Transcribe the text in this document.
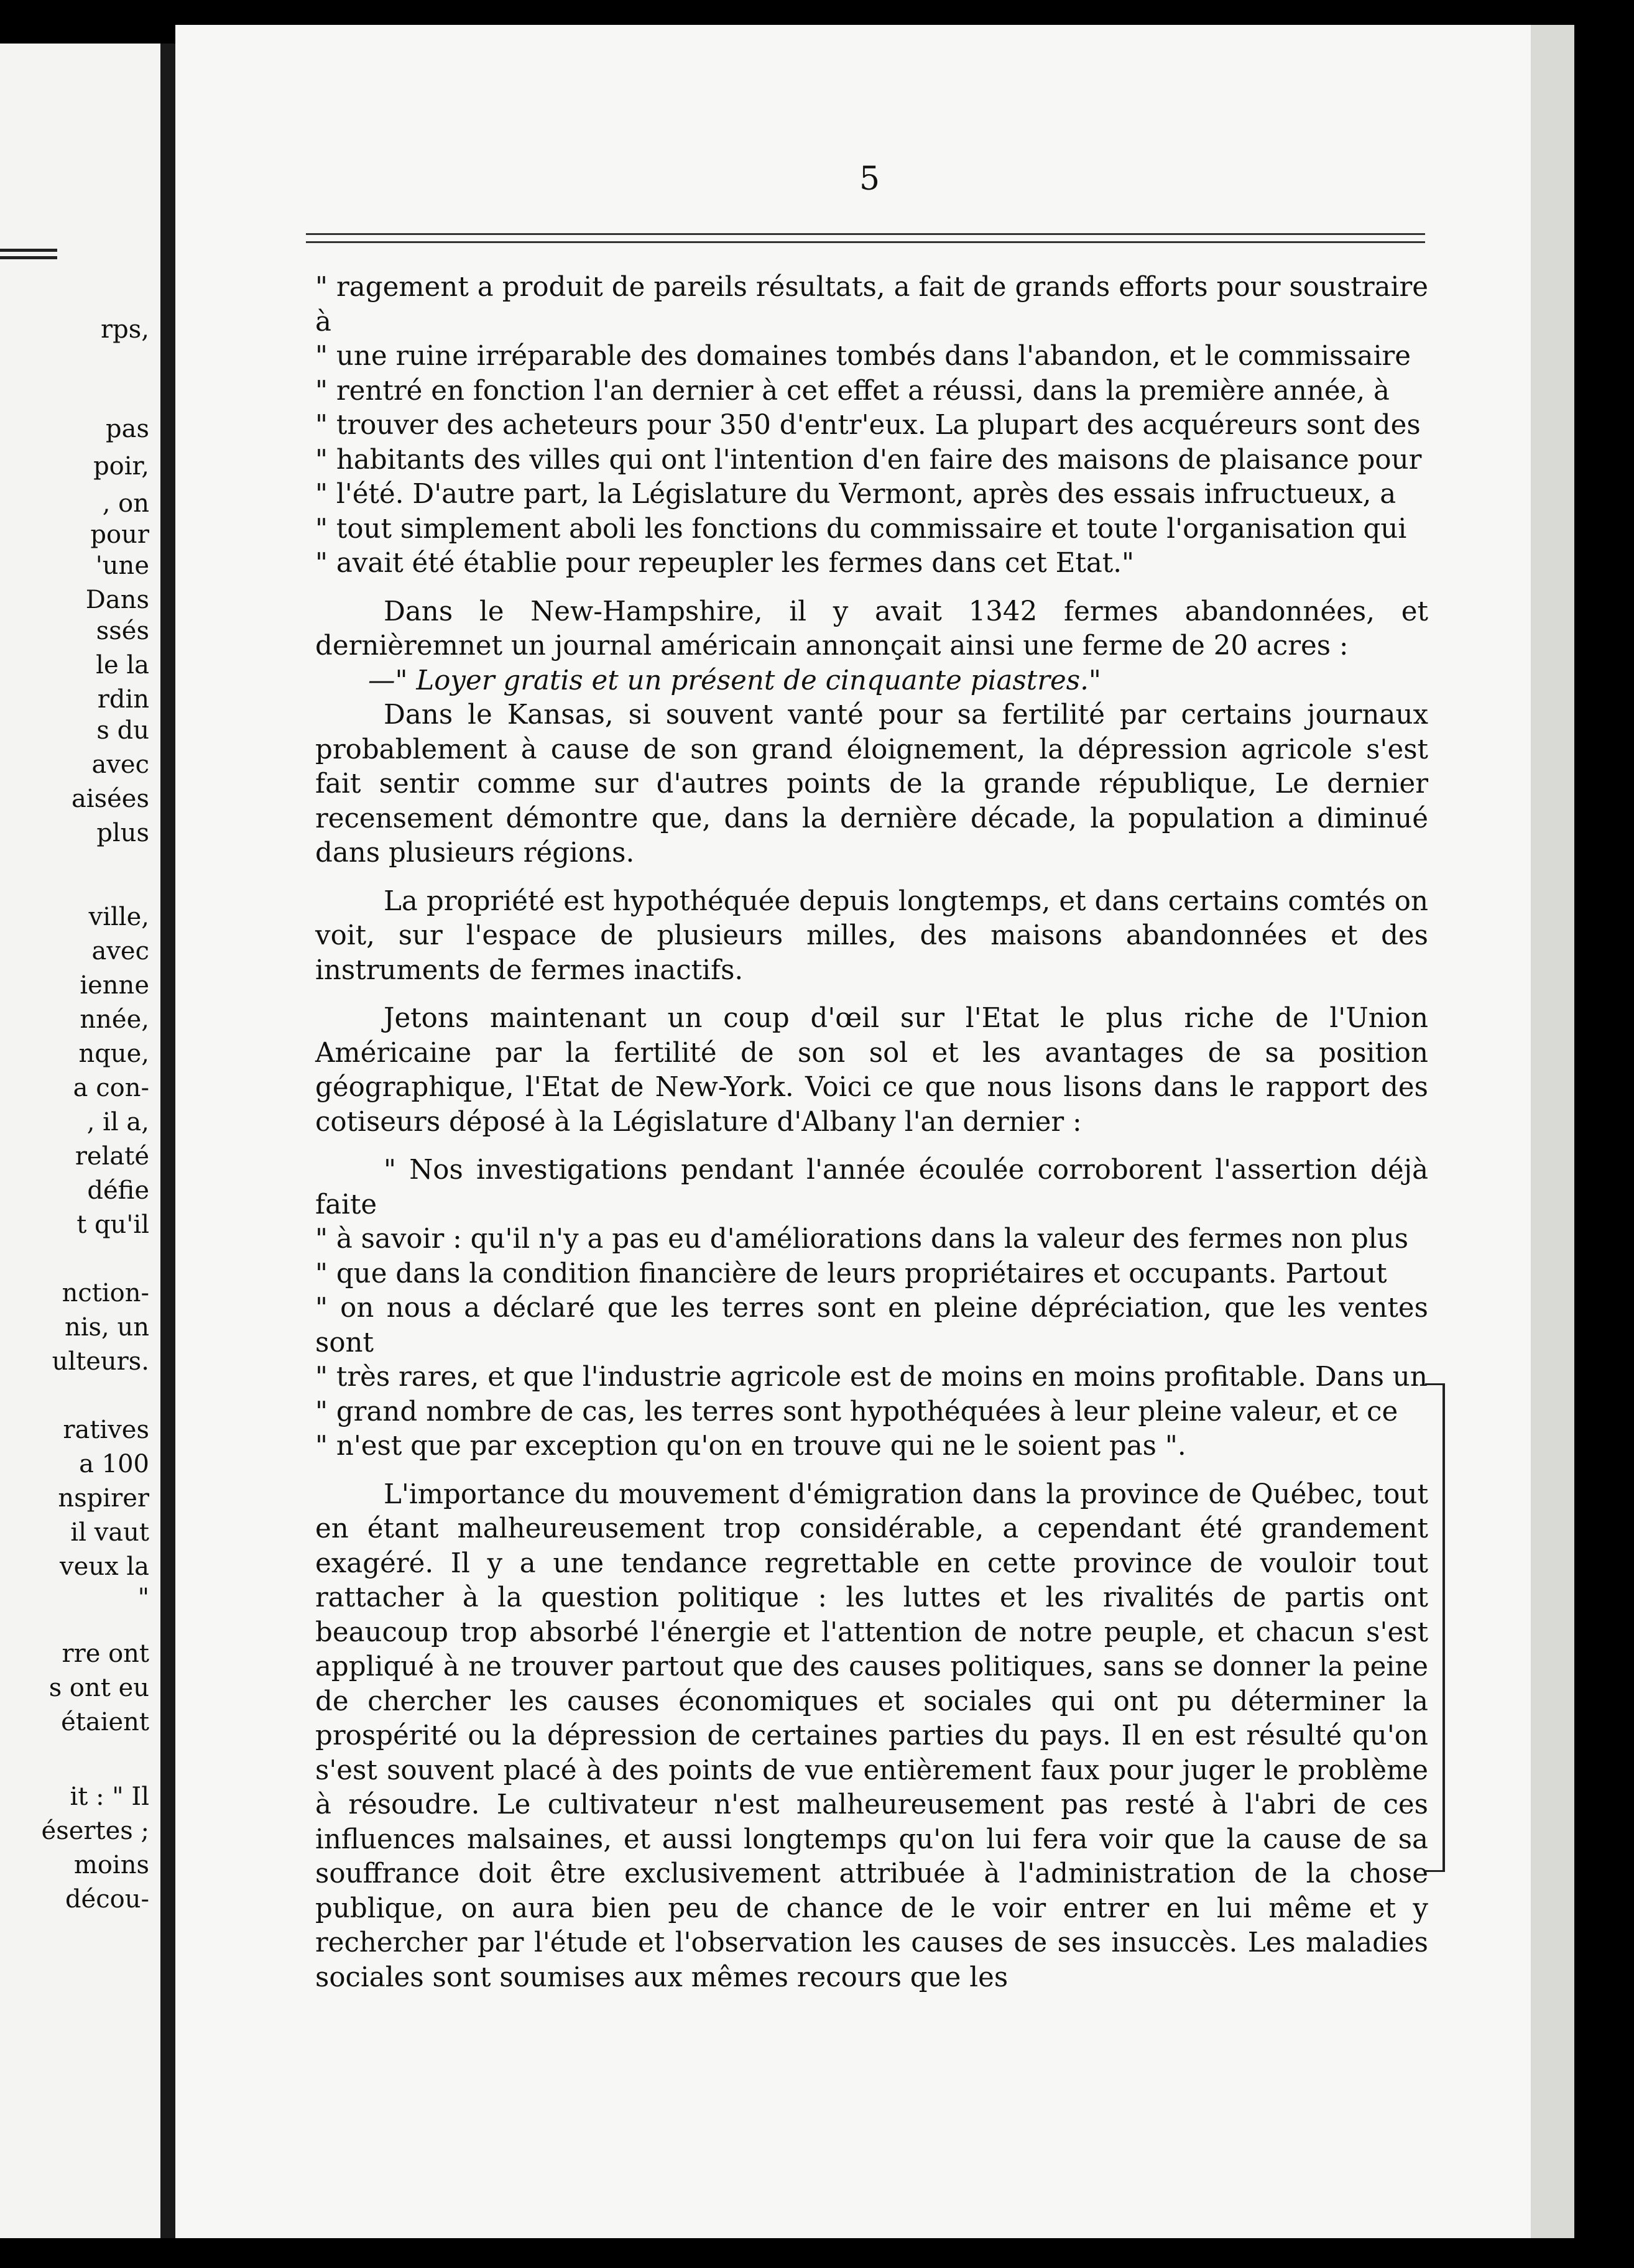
rps,
pas
poir,
, on
pour
'une
Dans
ssés
le la
rdin
s du
avec
aisées
plus
ville,
avec
ienne
nnée,
nque,
a con-
, il a,
relaté
défie
t qu'il
nction-
nis, un
ulteurs.
ratives
a 100
nspirer
il vaut
veux la
"
rre ont
s ont eu
étaient
it : " Il
ésertes ;
moins
décou-
5
" ragement a produit de pareils résultats, a fait de grands efforts pour soustraire à
" une ruine irréparable des domaines tombés dans l'abandon, et le commissaire
" rentré en fonction l'an dernier à cet effet a réussi, dans la première année, à
" trouver des acheteurs pour 350 d'entr'eux. La plupart des acquéreurs sont des
" habitants des villes qui ont l'intention d'en faire des maisons de plaisance pour
" l'été. D'autre part, la Législature du Vermont, après des essais infructueux, a
" tout simplement aboli les fonctions du commissaire et toute l'organisation qui
" avait été établie pour repeupler les fermes dans cet Etat."

Dans le New-Hampshire, il y avait 1342 fermes abandonnées, et dernièremnet un journal américain annonçait ainsi une ferme de 20 acres :

—" Loyer gratis et un présent de cinquante piastres."

Dans le Kansas, si souvent vanté pour sa fertilité par certains journaux probablement à cause de son grand éloignement, la dépression agricole s'est fait sentir comme sur d'autres points de la grande république, Le dernier recensement démontre que, dans la dernière décade, la population a diminué dans plusieurs régions.

La propriété est hypothéquée depuis longtemps, et dans certains comtés on voit, sur l'espace de plusieurs milles, des maisons abandonnées et des instruments de fermes inactifs.

Jetons maintenant un coup d'œil sur l'Etat le plus riche de l'Union Américaine par la fertilité de son sol et les avantages de sa position géographique, l'Etat de New-York. Voici ce que nous lisons dans le rapport des cotiseurs déposé à la Législature d'Albany l'an dernier :

" Nos investigations pendant l'année écoulée corroborent l'assertion déjà faite
" à savoir : qu'il n'y a pas eu d'améliorations dans la valeur des fermes non plus
" que dans la condition financière de leurs propriétaires et occupants. Partout
" on nous a déclaré que les terres sont en pleine dépréciation, que les ventes sont
" très rares, et que l'industrie agricole est de moins en moins profitable. Dans un
" grand nombre de cas, les terres sont hypothéquées à leur pleine valeur, et ce
" n'est que par exception qu'on en trouve qui ne le soient pas ".

L'importance du mouvement d'émigration dans la province de Québec, tout en étant malheureusement trop considérable, a cependant été grandement exagéré. Il y a une tendance regrettable en cette province de vouloir tout rattacher à la question politique : les luttes et les rivalités de partis ont beaucoup trop absorbé l'énergie et l'attention de notre peuple, et chacun s'est appliqué à ne trouver partout que des causes politiques, sans se donner la peine de chercher les causes économiques et sociales qui ont pu déterminer la prospérité ou la dépression de certaines parties du pays. Il en est résulté qu'on s'est souvent placé à des points de vue entièrement faux pour juger le problème à résoudre. Le cultivateur n'est malheureusement pas resté à l'abri de ces influences malsaines, et aussi longtemps qu'on lui fera voir que la cause de sa souffrance doit être exclusivement attribuée à l'administration de la chose publique, on aura bien peu de chance de le voir entrer en lui même et y rechercher par l'étude et l'observation les causes de ses insuccès. Les maladies sociales sont soumises aux mêmes recours que les
